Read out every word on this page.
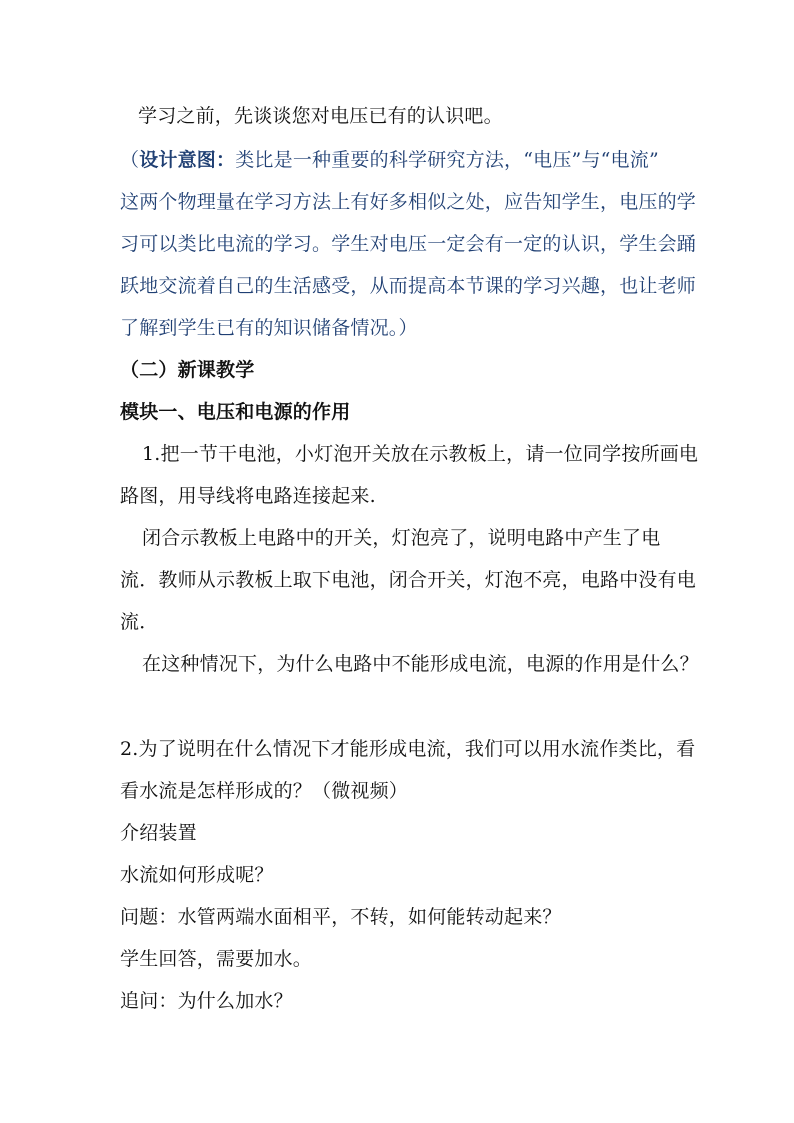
学习之前，先谈谈您对电压已有的认识吧。
（设计意图：类比是一种重要的科学研究方法，“电压”与“电流”
这两个物理量在学习方法上有好多相似之处，应告知学生，电压的学
习可以类比电流的学习。学生对电压一定会有一定的认识，学生会踊
跃地交流着自己的生活感受，从而提高本节课的学习兴趣，也让老师
了解到学生已有的知识储备情况。）
（二）新课教学
模块一、电压和电源的作用
1.把一节干电池，小灯泡开关放在示教板上，请一位同学按所画电
路图，用导线将电路连接起来.
闭合示教板上电路中的开关，灯泡亮了，说明电路中产生了电
流．教师从示教板上取下电池，闭合开关，灯泡不亮，电路中没有电
流．
在这种情况下，为什么电路中不能形成电流，电源的作用是什么？
2.为了说明在什么情况下才能形成电流，我们可以用水流作类比，看
看水流是怎样形成的？（微视频）
介绍装置
水流如何形成呢？
问题：水管两端水面相平，不转，如何能转动起来？
学生回答，需要加水。
追问：为什么加水？
